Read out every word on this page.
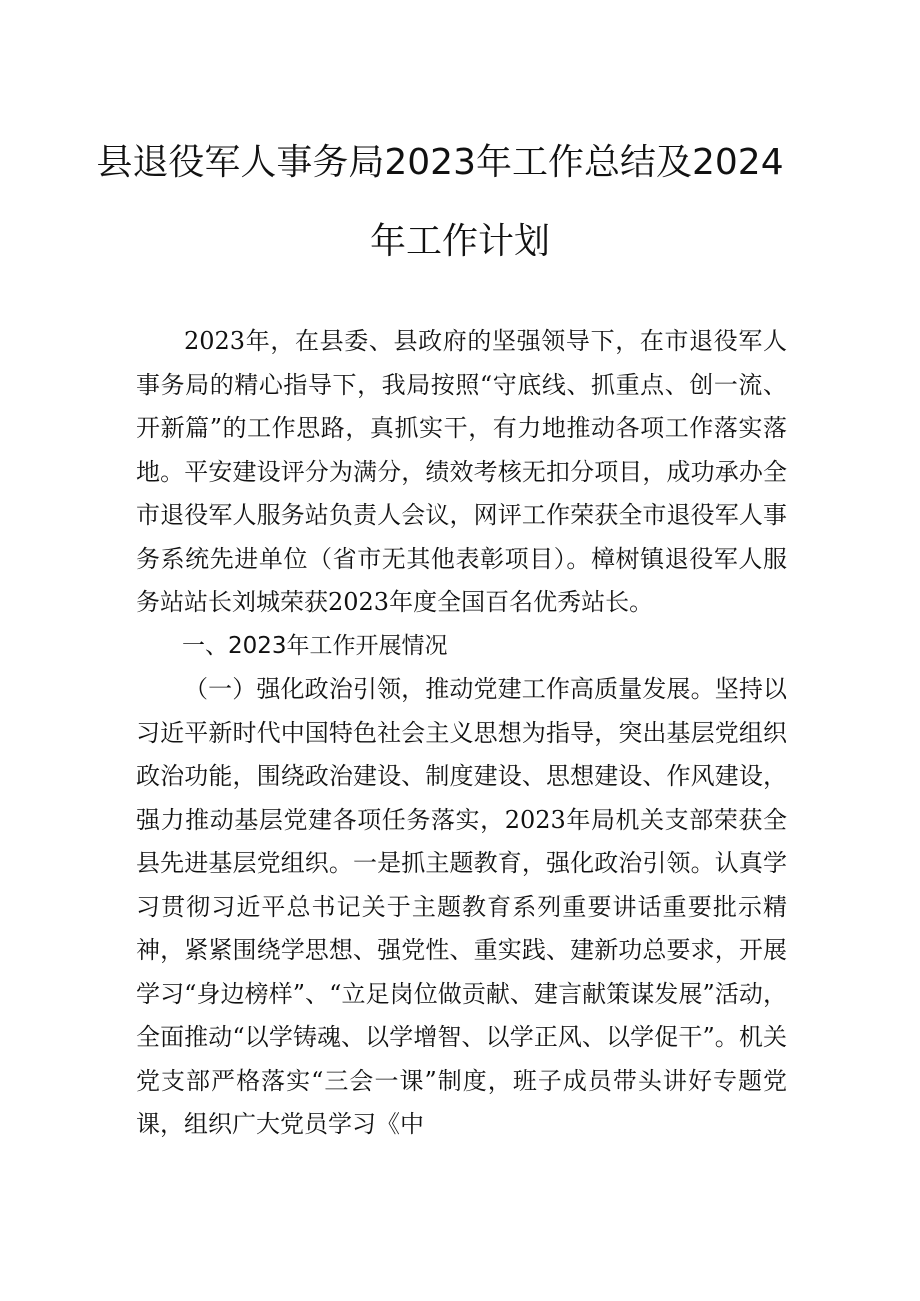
县退役军人事务局2023年工作总结及2024
年工作计划

2023年，在县委、县政府的坚强领导下，在市退役军人事务局的精心指导下，我局按照“守底线、抓重点、创一流、开新篇”的工作思路，真抓实干，有力地推动各项工作落实落地。平安建设评分为满分，绩效考核无扣分项目，成功承办全市退役军人服务站负责人会议，网评工作荣获全市退役军人事务系统先进单位（省市无其他表彰项目）。樟树镇退役军人服务站站长刘城荣获2023年度全国百名优秀站长。

一、2023年工作开展情况

（一）强化政治引领，推动党建工作高质量发展。坚持以习近平新时代中国特色社会主义思想为指导，突出基层党组织政治功能，围绕政治建设、制度建设、思想建设、作风建设，强力推动基层党建各项任务落实，2023年局机关支部荣获全县先进基层党组织。一是抓主题教育，强化政治引领。认真学习贯彻习近平总书记关于主题教育系列重要讲话重要批示精神，紧紧围绕学思想、强党性、重实践、建新功总要求，开展学习“身边榜样”、“立足岗位做贡献、建言献策谋发展”活动，全面推动“以学铸魂、以学增智、以学正风、以学促干”。机关党支部严格落实“三会一课”制度，班子成员带头讲好专题党课，组织广大党员学习《中
